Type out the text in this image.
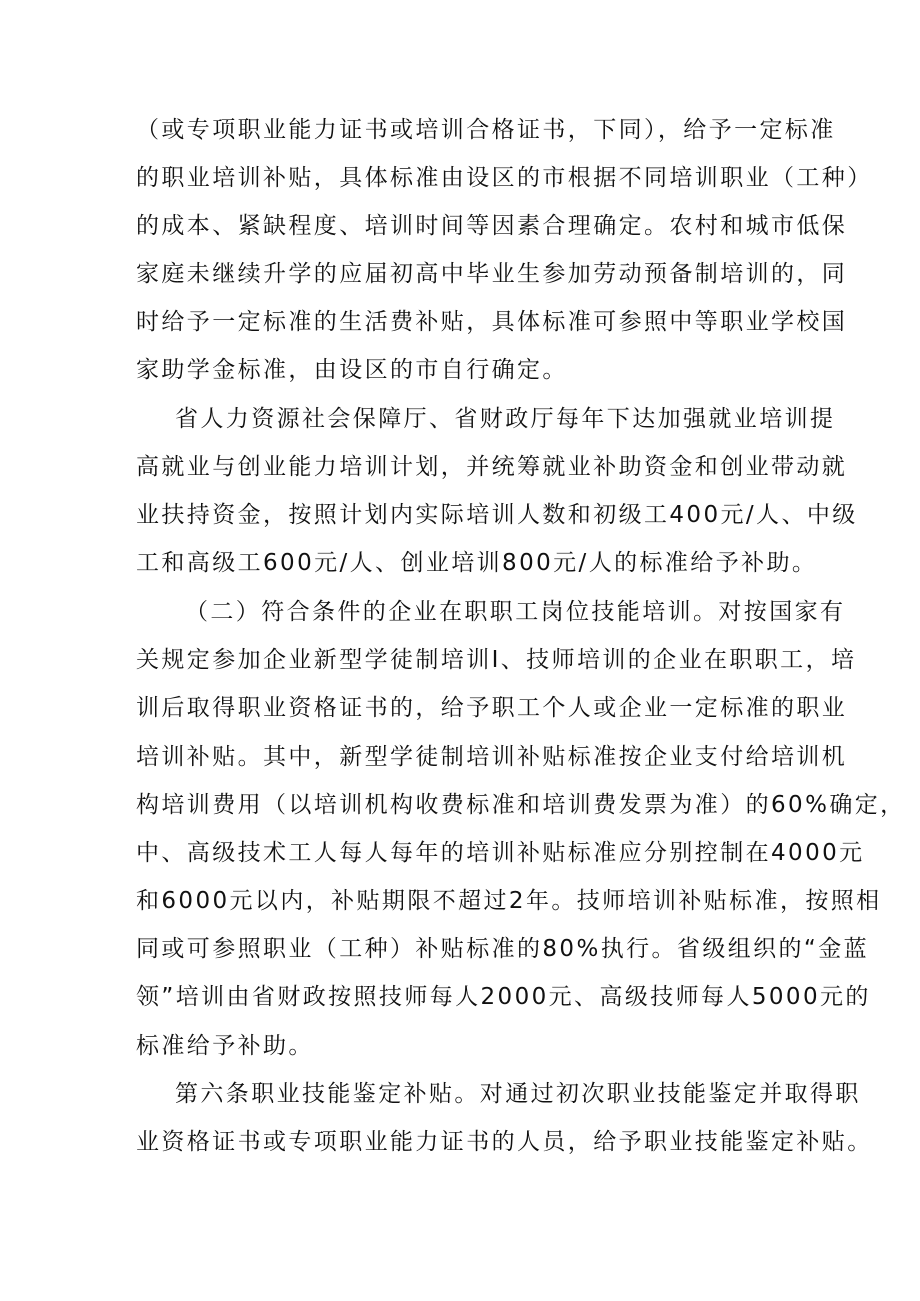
（或专项职业能力证书或培训合格证书，下同），给予一定标准
的职业培训补贴，具体标准由设区的市根据不同培训职业（工种）
的成本、紧缺程度、培训时间等因素合理确定。农村和城市低保
家庭未继续升学的应届初高中毕业生参加劳动预备制培训的，同
时给予一定标准的生活费补贴，具体标准可参照中等职业学校国
家助学金标准，由设区的市自行确定。
省人力资源社会保障厅、省财政厅每年下达加强就业培训提
高就业与创业能力培训计划，并统筹就业补助资金和创业带动就
业扶持资金，按照计划内实际培训人数和初级工400元/人、中级
工和高级工600元/人、创业培训800元/人的标准给予补助。
（二）符合条件的企业在职职工岗位技能培训。对按国家有
关规定参加企业新型学徒制培训I、技师培训的企业在职职工，培
训后取得职业资格证书的，给予职工个人或企业一定标准的职业
培训补贴。其中，新型学徒制培训补贴标准按企业支付给培训机
构培训费用（以培训机构收费标准和培训费发票为准）的60%确定，
中、高级技术工人每人每年的培训补贴标准应分别控制在4000元
和6000元以内，补贴期限不超过2年。技师培训补贴标准，按照相
同或可参照职业（工种）补贴标准的80%执行。省级组织的“金蓝
领”培训由省财政按照技师每人2000元、高级技师每人5000元的
标准给予补助。
第六条职业技能鉴定补贴。对通过初次职业技能鉴定并取得职
业资格证书或专项职业能力证书的人员，给予职业技能鉴定补贴。
